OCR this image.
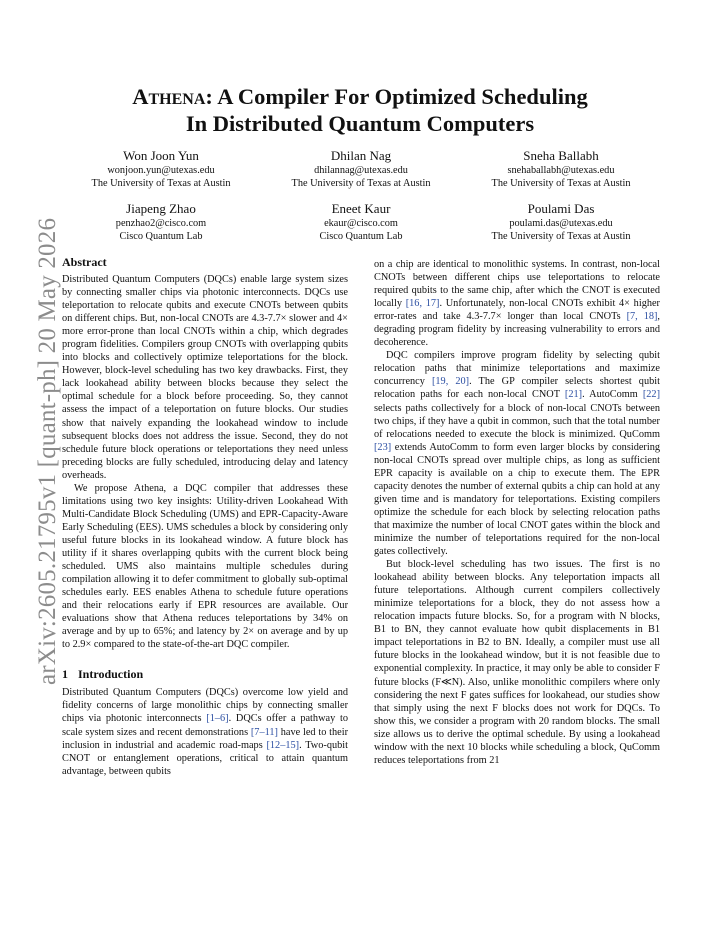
arXiv:2605.21795v1 [quant-ph] 20 May 2026
Athena: A Compiler For Optimized Scheduling
In Distributed Quantum Computers
Won Joon Yun
wonjoon.yun@utexas.edu
The University of Texas at Austin
Dhilan Nag
dhilannag@utexas.edu
The University of Texas at Austin
Sneha Ballabh
snehaballabh@utexas.edu
The University of Texas at Austin
Jiapeng Zhao
penzhao2@cisco.com
Cisco Quantum Lab
Eneet Kaur
ekaur@cisco.com
Cisco Quantum Lab
Poulami Das
poulami.das@utexas.edu
The University of Texas at Austin
Abstract

Distributed Quantum Computers (DQCs) enable large system sizes by connecting smaller chips via photonic interconnects. DQCs use teleportation to relocate qubits and execute CNOTs between qubits on different chips. But, non-local CNOTs are 4.3-7.7× slower and 4× more error-prone than local CNOTs within a chip, which degrades program fidelities. Compilers group CNOTs with overlapping qubits into blocks and collectively optimize teleportations for the block. However, block-level scheduling has two key drawbacks. First, they lack lookahead ability between blocks because they select the optimal schedule for a block before proceeding. So, they cannot assess the impact of a teleportation on future blocks. Our studies show that naively expanding the lookahead window to include subsequent blocks does not address the issue. Second, they do not schedule future block operations or teleportations they need unless preceding blocks are fully scheduled, introducing delay and latency overheads.

We propose Athena, a DQC compiler that addresses these limitations using two key insights: Utility-driven Lookahead With Multi-Candidate Block Scheduling (UMS) and EPR-Capacity-Aware Early Scheduling (EES). UMS schedules a block by considering only useful future blocks in its lookahead window. A future block has utility if it shares overlapping qubits with the current block being scheduled. UMS also maintains multiple schedules during compilation allowing it to defer commitment to globally sub-optimal schedules early. EES enables Athena to schedule future operations and their relocations early if EPR resources are available. Our evaluations show that Athena reduces teleportations by 34% on average and by up to 65%; and latency by 2× on average and by up to 2.9× compared to the state-of-the-art DQC compiler.

1 Introduction

Distributed Quantum Computers (DQCs) overcome low yield and fidelity concerns of large monolithic chips by connecting smaller chips via photonic interconnects [1–6]. DQCs offer a pathway to scale system sizes and recent demonstrations [7–11] have led to their inclusion in industrial and academic road-maps [12–15]. Two-qubit CNOT or entanglement operations, critical to attain quantum advantage, between qubits

on a chip are identical to monolithic systems. In contrast, non-local CNOTs between different chips use teleportations to relocate required qubits to the same chip, after which the CNOT is executed locally [16, 17]. Unfortunately, non-local CNOTs exhibit 4× higher error-rates and take 4.3-7.7× longer than local CNOTs [7, 18], degrading program fidelity by increasing vulnerability to errors and decoherence.

DQC compilers improve program fidelity by selecting qubit relocation paths that minimize teleportations and maximize concurrency [19, 20]. The GP compiler selects shortest qubit relocation paths for each non-local CNOT [21]. AutoComm [22] selects paths collectively for a block of non-local CNOTs between two chips, if they have a qubit in common, such that the total number of relocations needed to execute the block is minimized. QuComm [23] extends AutoComm to form even larger blocks by considering non-local CNOTs spread over multiple chips, as long as sufficient EPR capacity is available on a chip to execute them. The EPR capacity denotes the number of external qubits a chip can hold at any given time and is mandatory for teleportations. Existing compilers optimize the schedule for each block by selecting relocation paths that maximize the number of local CNOT gates within the block and minimize the number of teleportations required for the non-local gates collectively.

But block-level scheduling has two issues. The first is no lookahead ability between blocks. Any teleportation impacts all future teleportations. Although current compilers collectively minimize teleportations for a block, they do not assess how a relocation impacts future blocks. So, for a program with N blocks, B1 to BN, they cannot evaluate how qubit displacements in B1 impact teleportations in B2 to BN. Ideally, a compiler must use all future blocks in the lookahead window, but it is not feasible due to exponential complexity. In practice, it may only be able to consider F future blocks (F≪N). Also, unlike monolithic compilers where only considering the next F gates suffices for lookahead, our studies show that simply using the next F blocks does not work for DQCs. To show this, we consider a program with 20 random blocks. The small size allows us to derive the optimal schedule. By using a lookahead window with the next 10 blocks while scheduling a block, QuComm reduces teleportations from 21
